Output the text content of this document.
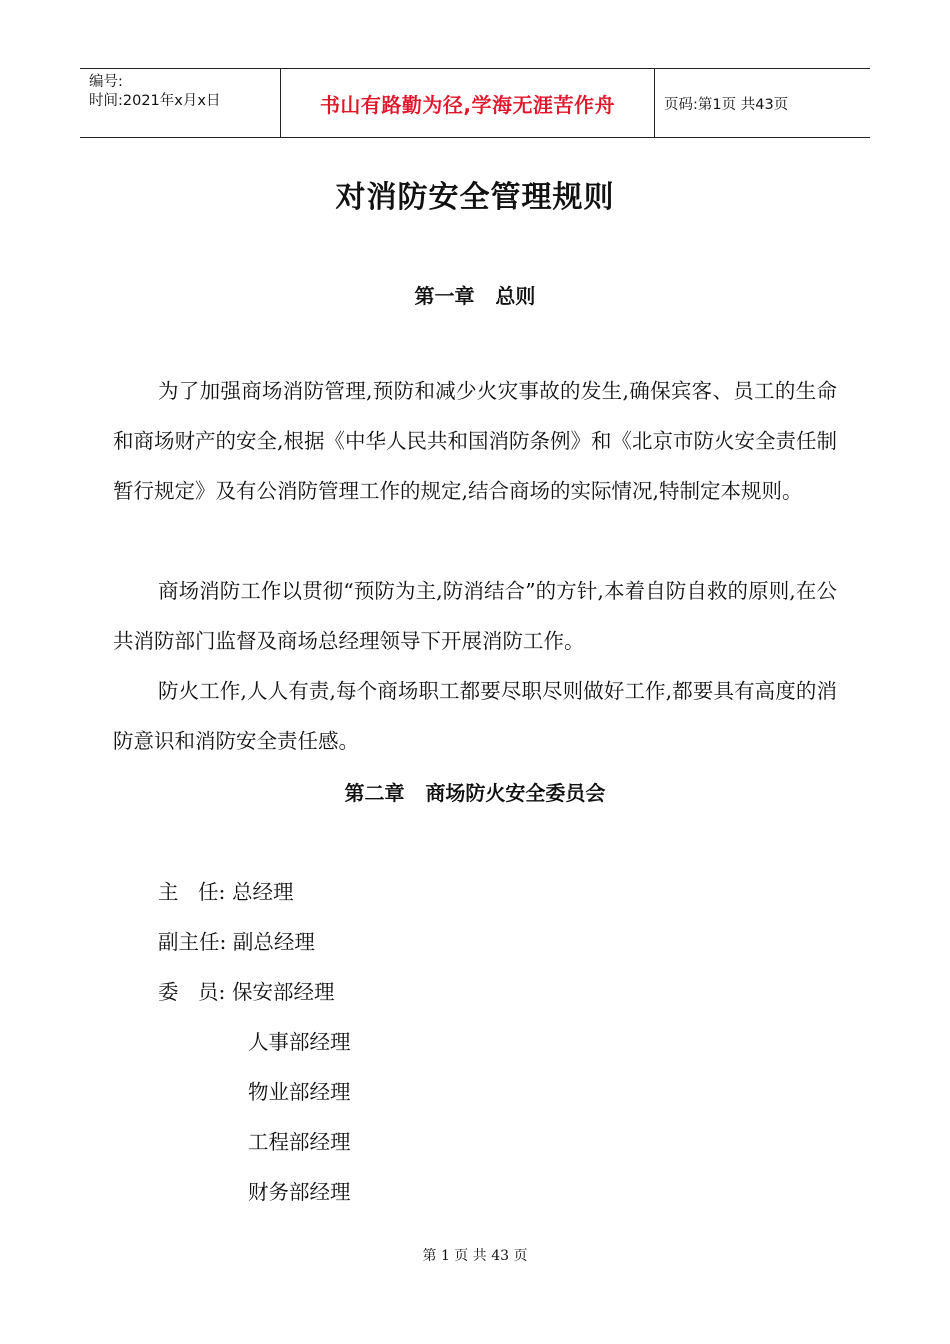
编号:
时间:2021年x月x日	书山有路勤为径,学海无涯苦作舟	页码:第1页 共43页
对消防安全管理规则
第一章   总则

为了加强商场消防管理,预防和减少火灾事故的发生,确保宾客、员工的生命和商场财产的安全,根据《中华人民共和国消防条例》和《北京市防火安全责任制暂行规定》及有公消防管理工作的规定,结合商场的实际情况,特制定本规则。

商场消防工作以贯彻“预防为主,防消结合”的方针,本着自防自救的原则,在公共消防部门监督及商场总经理领导下开展消防工作。

防火工作,人人有责,每个商场职工都要尽职尽则做好工作,都要具有高度的消防意识和消防安全责任感。

第二章   商场防火安全委员会
主   任: 总经理
副主任: 副总经理
委   员: 保安部经理
人事部经理
物业部经理
工程部经理
财务部经理
第 1 页 共 43 页
